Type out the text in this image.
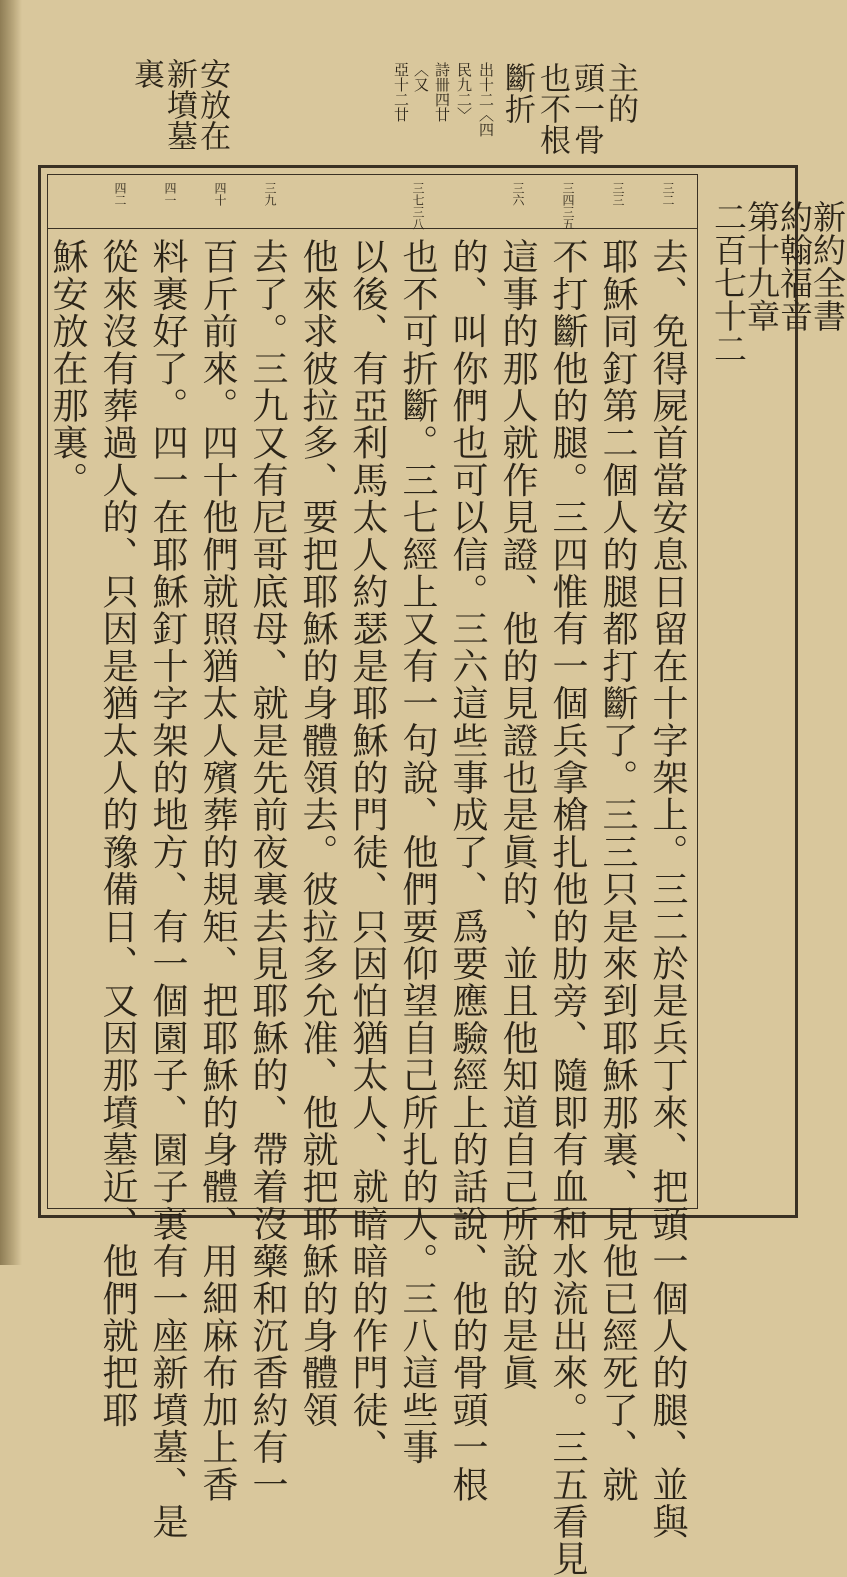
主的
頭一骨
也不根
斷折
出十二〈四
民九二〉
詩卌四廿
〈又
亞十二廿
安放在
新墳墓
裏
三二
三三
三四三五
三六
三七三八
三九
四十
四一
四二
新約全書
約翰福音
第十九章
二百七十二
去、免得屍首當安息日留在十字架上。三二於是兵丁來、把頭一個人的腿、並與
耶穌同釘第二個人的腿都打斷了。三三只是來到耶穌那裏、見他已經死了、就
不打斷他的腿。三四惟有一個兵拿槍扎他的肋旁、隨即有血和水流出來。三五看見
這事的那人就作見證、他的見證也是眞的、並且他知道自己所說的是眞
的、叫你們也可以信。三六這些事成了、爲要應驗經上的話說、他的骨頭一根
也不可折斷。三七經上又有一句說、他們要仰望自己所扎的人。三八這些事
以後、有亞利馬太人約瑟是耶穌的門徒、只因怕猶太人、就暗暗的作門徒、
他來求彼拉多、要把耶穌的身體領去。彼拉多允准、他就把耶穌的身體領
去了。三九又有尼哥底母、就是先前夜裏去見耶穌的、帶着沒藥和沉香約有一
百斤前來。四十他們就照猶太人殯葬的規矩、把耶穌的身體、用細麻布加上香
料裹好了。四一在耶穌釘十字架的地方、有一個園子、園子裏有一座新墳墓、是
從來沒有葬過人的、只因是猶太人的豫備日、又因那墳墓近、他們就把耶
穌安放在那裏。
